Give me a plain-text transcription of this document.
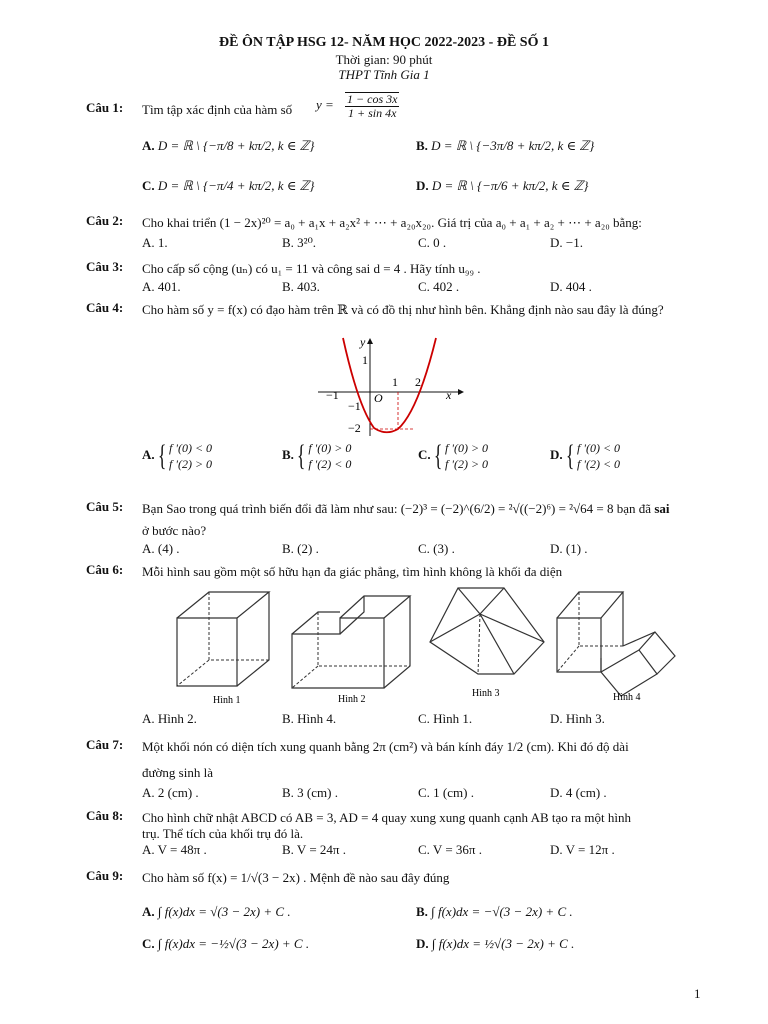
ĐỀ ÔN TẬP HSG 12- NĂM HỌC 2022-2023 - ĐỀ SỐ 1
Thời gian: 90 phút
THPT Tĩnh Gia 1
Câu 1: Tìm tập xác định của hàm số $y = \frac{1 - \cos 3x}{1 + \sin 4x}$
A. D = ℝ \ {−π/8 + kπ/2, k ∈ ℤ}	B. D = ℝ \ {−3π/8 + kπ/2, k ∈ ℤ}
C. D = ℝ \ {−π/4 + kπ/2, k ∈ ℤ}	D. D = ℝ \ {−π/6 + kπ/2, k ∈ ℤ}
Câu 2: Cho khai triển (1 − 2x)²⁰ = a₀ + a₁x + a₂x² + ⋯ + a₂₀x₂₀. Giá trị của a₀ + a₁ + a₂ + ⋯ + a₂₀ bằng:
A. 1.	B. 3²⁰.	C. 0 .	D. −1.
Câu 3: Cho cấp số cộng (uₙ) có u₁ = 11 và công sai d = 4 . Hãy tính u₉₉ .
A. 401.	B. 403.	C. 402 .	D. 404 .
Câu 4: Cho hàm số y = f(x) có đạo hàm trên ℝ và có đồ thị như hình bên. Khẳng định nào sau đây là đúng?
y
x
O
1 2
−1
1
−1
−2
A.{ f '(0) < 0
f '(2) > 0
B.{ f '(0) > 0
f '(2) < 0
C.{ f '(0) > 0
f '(2) > 0
D.{ f '(0) < 0
f '(2) < 0
Câu 5: Bạn Sao trong quá trình biến đổi đã làm như sau: (−2)³ = (−2)^(6/2) = ²√((−2)⁶) = ²√64 = 8 bạn đã sai
ở bước nào?
A. (4) .	B. (2) .	C. (3) .	D. (1) .
Câu 6: Mỗi hình sau gồm một số hữu hạn đa giác phẳng, tìm hình không là khối đa diện
Hình 1	Hình 2
Hình 3	Hình 4
A. Hình 2.	B. Hình 4.	C. Hình 1.	D. Hình 3.
Câu 7: Một khối nón có diện tích xung quanh bằng 2π (cm²) và bán kính đáy 1/2 (cm). Khi đó độ dài
đường sinh là
A. 2 (cm) .	B. 3 (cm) .	C. 1 (cm) .	D. 4 (cm) .
Câu 8: Cho hình chữ nhật ABCD có AB = 3, AD = 4 quay xung xung quanh cạnh AB tạo ra một hình
trụ. Thể tích của khối trụ đó là.
A. V = 48π .	B. V = 24π .	C. V = 36π .	D. V = 12π .
Câu 9: Cho hàm số f(x) = 1/√(3 − 2x) . Mệnh đề nào sau đây đúng
A. ∫ f(x)dx = √(3 − 2x) + C .	B. ∫ f(x)dx = −√(3 − 2x) + C .
C. ∫ f(x)dx = −½√(3 − 2x) + C .	D. ∫ f(x)dx = ½√(3 − 2x) + C .
1
